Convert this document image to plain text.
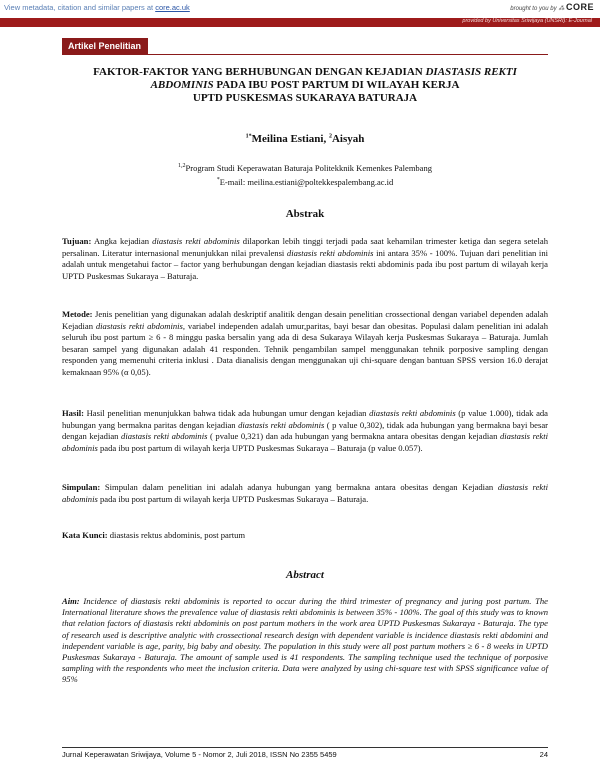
View metadata, citation and similar papers at core.ac.uk	brought to you by ⁂ CORE
provided by Universitas Sriwijaya (UNSRI): E-Journal
Artikel Penelitian
FAKTOR-FAKTOR YANG BERHUBUNGAN DENGAN KEJADIAN DIASTASIS REKTI
ABDOMINIS PADA IBU POST PARTUM DI WILAYAH KERJA
UPTD PUSKESMAS SUKARAYA BATURAJA
$^{1*}$Meilina Estiani, $^2$Aisyah
$^{1,2}$Program Studi Keperawatan Baturaja Politekknik Kemenkes Palembang
*E-mail: meilina.estiani@poltekkespalembang.ac.id
Abstrak
Tujuan: Angka kejadian diastasis rekti abdominis dilaporkan lebih tinggi terjadi pada saat kehamilan trimester ketiga dan segera setelah persalinan. Literatur internasional menunjukkan nilai prevalensi diastasis rekti abdominis ini antara 35% - 100%. Tujuan dari penelitian ini adalah untuk mengetahui factor – factor yang berhubungan dengan kejadian diastasis rekti abdominis pada ibu post partum di wilayah kerja UPTD Puskesmas Sukaraya – Baturaja.
Metode: Jenis penelitian yang digunakan adalah deskriptif analitik dengan desain penelitian crossectional dengan variabel dependen adalah Kejadian diastasis rekti abdominis, variabel independen adalah umur,paritas, bayi besar dan obesitas. Populasi dalam penelitian ini adalah seluruh ibu post partum ≥ 6 - 8 minggu paska bersalin yang ada di desa Sukaraya Wilayah kerja Puskesmas Sukaraya – Baturaja. Jumlah besaran sampel yang digunakan adalah 41 responden. Tehnik pengambilan sampel menggunakan tehnik porposive sampling dengan responden yang memenuhi criteria inklusi . Data dianalisis dengan menggunakan uji chi-square dengan bantuan SPSS version 16.0 derajat kemaknaan 95% (α 0,05).
Hasil: Hasil penelitian menunjukkan bahwa tidak ada hubungan umur dengan kejadian diastasis rekti abdominis (p value 1.000), tidak ada hubungan yang bermakna paritas dengan kejadian diastasis rekti abdominis ( p value 0,302), tidak ada hubungan yang bermakna bayi besar dengan kejadian diastasis rekti abdominis ( pvalue 0,321) dan ada hubungan yang bermakna antara obesitas dengan kejadian diastasis rekti abdominis pada ibu post partum di wilayah kerja UPTD Puskesmas Sukaraya – Baturaja (p value 0.057).
Simpulan: Simpulan dalam penelitian ini adalah adanya hubungan yang bermakna antara obesitas dengan Kejadian diastasis rekti abdominis pada ibu post partum di wilayah kerja UPTD Puskesmas Sukaraya – Baturaja.
Kata Kunci: diastasis rektus abdominis, post partum
Abstract
Aim: Incidence of diastasis rekti abdominis is reported to occur during the third trimester of pregnancy and juring post partum. The International literature shows the prevalence value of diastasis rekti abdominis is between 35% - 100%. The goal of this study was to known that relation factors of diastasis rekti abdominis on post partum mothers in the work area UPTD Puskesmas Sukaraya - Baturaja. The type of research used is descriptive analytic with crossectional research design with dependent variable is incidence diastasis rekti abdomini and independent variable is age, parity, big baby and obesity. The population in this study were all post partum mothers ≥ 6 - 8 weeks in UPTD Puskesmas Sukaraya - Baturaja. The amount of sample used is 41 respondents. The sampling technique used the technique of porposive sampling with the respondents who meet the inclusion criteria. Data were analyzed by using chi-square test with SPSS significance value of 95%
Jurnal Keperawatan Sriwijaya, Volume 5 - Nomor 2, Juli 2018, ISSN No 2355 5459	24
